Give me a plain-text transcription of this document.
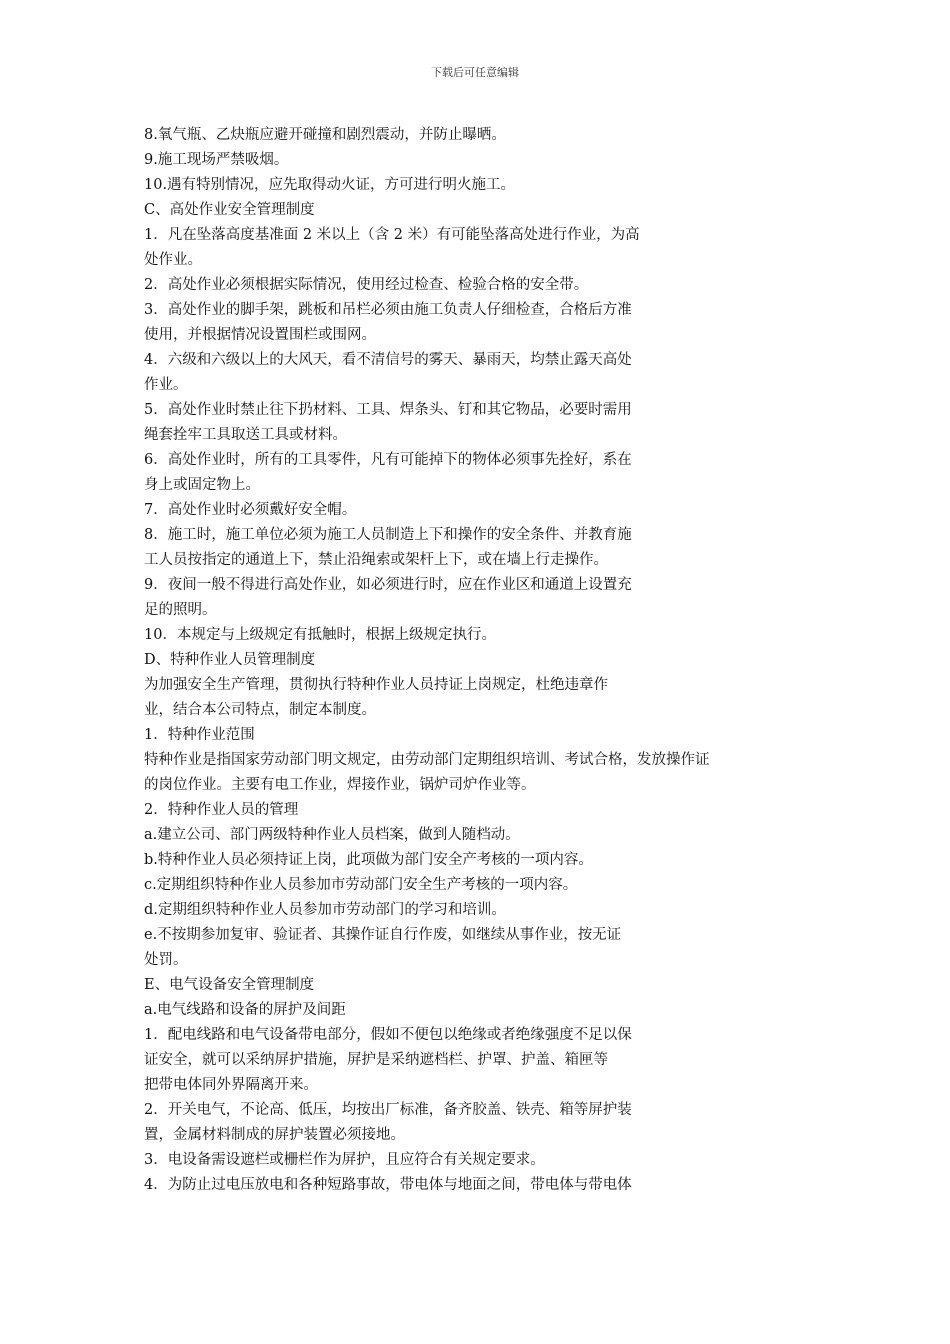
下载后可任意编辑
8.氧气瓶、乙炔瓶应避开碰撞和剧烈震动，并防止曝晒。
9.施工现场严禁吸烟。
10.遇有特别情况，应先取得动火证，方可进行明火施工。
C、高处作业安全管理制度
1．凡在坠落高度基准面 2 米以上（含 2 米）有可能坠落高处进行作业，为高
处作业。
2．高处作业必须根据实际情况，使用经过检查、检验合格的安全带。
3．高处作业的脚手架，跳板和吊栏必须由施工负责人仔细检查，合格后方准
使用，并根据情况设置围栏或围网。
4．六级和六级以上的大风天，看不清信号的雾天、暴雨天，均禁止露天高处
作业。
5．高处作业时禁止往下扔材料、工具、焊条头、钉和其它物品，必要时需用
绳套拴牢工具取送工具或材料。
6．高处作业时，所有的工具零件，凡有可能掉下的物体必须事先拴好，系在
身上或固定物上。
7．高处作业时必须戴好安全帽。
8．施工时，施工单位必须为施工人员制造上下和操作的安全条件、并教育施
工人员按指定的通道上下，禁止沿绳索或架杆上下，或在墙上行走操作。
9．夜间一般不得进行高处作业，如必须进行时，应在作业区和通道上设置充
足的照明。
10．本规定与上级规定有抵触时，根据上级规定执行。
D、特种作业人员管理制度
为加强安全生产管理，贯彻执行特种作业人员持证上岗规定，杜绝违章作
业，结合本公司特点，制定本制度。
1．特种作业范围
特种作业是指国家劳动部门明文规定，由劳动部门定期组织培训、考试合格，发放操作证
的岗位作业。主要有电工作业，焊接作业，锅炉司炉作业等。
2．特种作业人员的管理
a.建立公司、部门两级特种作业人员档案，做到人随档动。
b.特种作业人员必须持证上岗，此项做为部门安全产考核的一项内容。
c.定期组织特种作业人员参加市劳动部门安全生产考核的一项内容。
d.定期组织特种作业人员参加市劳动部门的学习和培训。
e.不按期参加复审、验证者、其操作证自行作废，如继续从事作业，按无证
处罚。
E、电气设备安全管理制度
a.电气线路和设备的屏护及间距
1．配电线路和电气设备带电部分，假如不便包以绝缘或者绝缘强度不足以保
证安全，就可以采纳屏护措施，屏护是采纳遮档栏、护罩、护盖、箱匣等
把带电体同外界隔离开来。
2．开关电气，不论高、低压，均按出厂标准，备齐胶盖、铁壳、箱等屏护装
置，金属材料制成的屏护装置必须接地。
3．电设备需设遮栏或栅栏作为屏护，且应符合有关规定要求。
4．为防止过电压放电和各种短路事故，带电体与地面之间，带电体与带电体
